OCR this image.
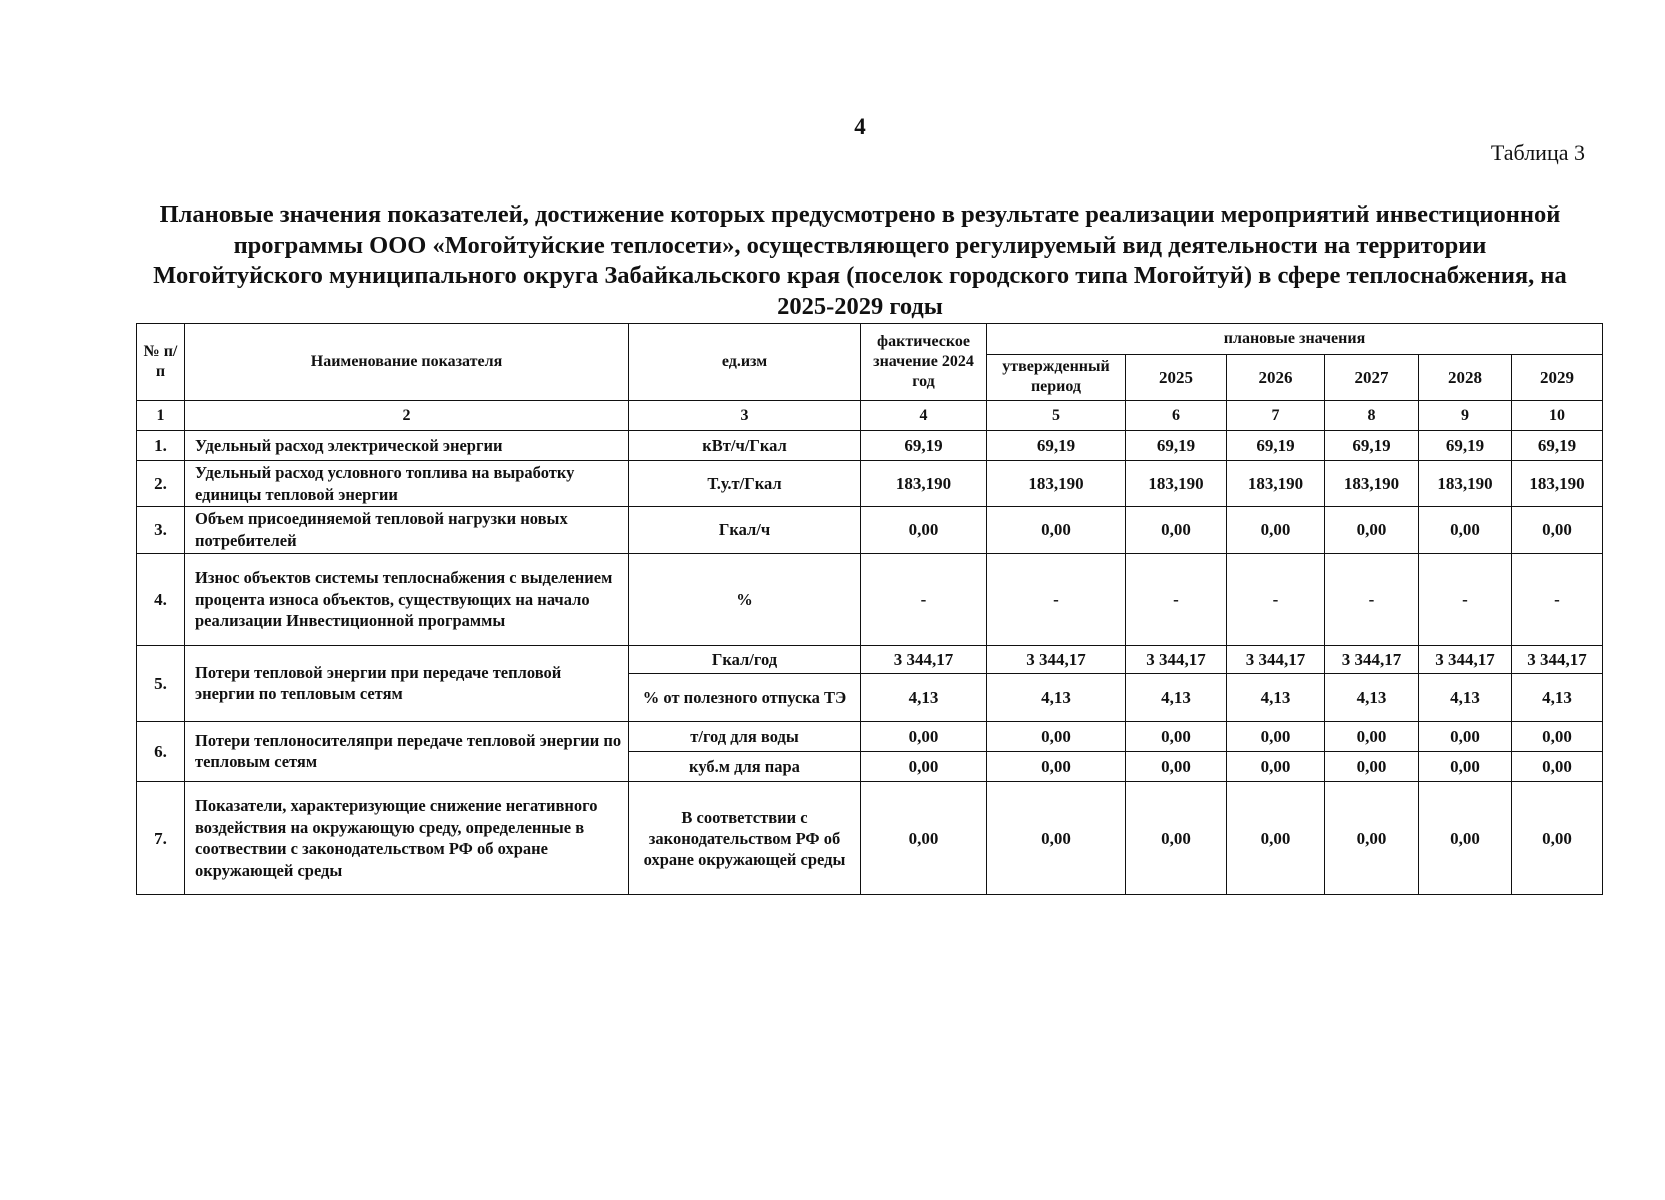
4
Таблица 3
Плановые значения показателей, достижение которых предусмотрено в результате реализации мероприятий инвестиционной программы ООО «Могойтуйские теплосети», осуществляющего регулируемый вид деятельности на территории Могойтуйского муниципального округа Забайкальского края (поселок городского типа Могойтуй) в сфере теплоснабжения, на 2025-2029 годы
№ п/ п	Наименование показателя	ед.изм	фактическое значение 2024 год	плановые значения					
				утвержденный период	2025	2026	2027	2028	2029
1	2	3	4	5	6	7	8	9	10
1.	Удельный расход электрической энергии	кВт/ч/Гкал	69,19	69,19	69,19	69,19	69,19	69,19	69,19
2.	Удельный расход условного топлива на выработку единицы тепловой энергии	Т.у.т/Гкал	183,190	183,190	183,190	183,190	183,190	183,190	183,190
3.	Объем присоединяемой тепловой нагрузки новых потребителей	Гкал/ч	0,00	0,00	0,00	0,00	0,00	0,00	0,00
4.	Износ объектов системы теплоснабжения с выделением процента износа объектов, существующих на начало реализации Инвестиционной программы	%	-	-	-	-	-	-	-
5.	Потери тепловой энергии при передаче тепловой энергии по тепловым сетям	Гкал/год	3 344,17	3 344,17	3 344,17	3 344,17	3 344,17	3 344,17	3 344,17
		% от полезного отпуска ТЭ	4,13	4,13	4,13	4,13	4,13	4,13	4,13
6.	Потери теплоносителяпри передаче тепловой энергии по тепловым сетям	т/год для воды	0,00	0,00	0,00	0,00	0,00	0,00	0,00
		куб.м для пара	0,00	0,00	0,00	0,00	0,00	0,00	0,00
7.	Показатели, характеризующие снижение негативного воздействия на окружающую среду, определенные в соотвествии с законодательством РФ об охране окружающей среды	В соответствии с законодательством РФ об охране окружающей среды	0,00	0,00	0,00	0,00	0,00	0,00	0,00
